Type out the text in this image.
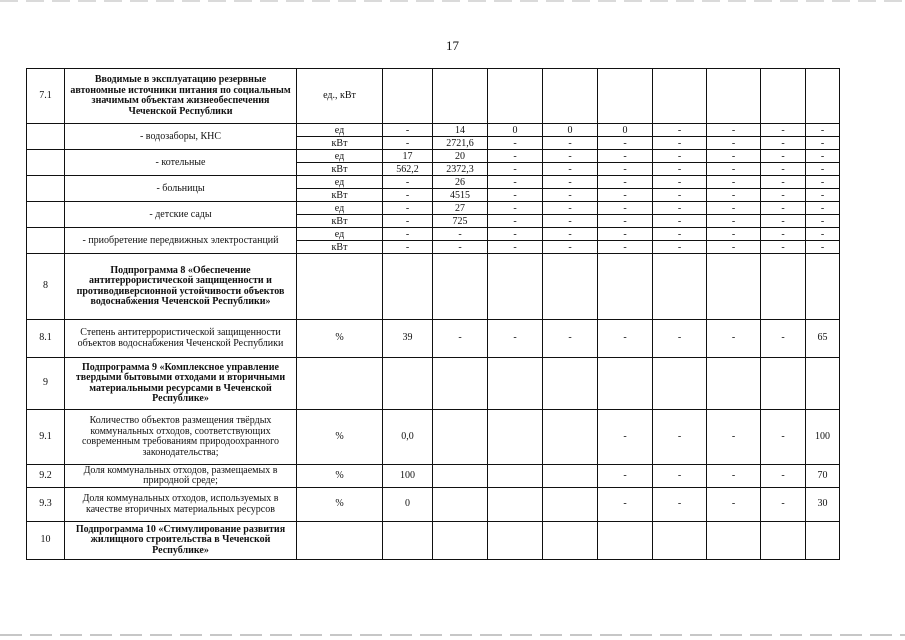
17
7.1	Вводимые в эксплуатацию резервные автономные источники питания по социальным значимым объектам жизнеобеспечения Чеченской Республики	ед., кВт									
	- водозаборы, КНС	ед	-	14	0	0	0	-	-	-	-
		кВт	-	2721,6	-	-	-	-	-	-	-
	- котельные	ед	17	20	-	-	-	-	-	-	-
		кВт	562,2	2372,3	-	-	-	-	-	-	-
	- больницы	ед	-	26	-	-	-	-	-	-	-
		кВт	-	4515	-	-	-	-	-	-	-
	- детские сады	ед	-	27	-	-	-	-	-	-	-
		кВт	-	725	-	-	-	-	-	-	-
	- приобретение передвижных электростанций	ед	-	-	-	-	-	-	-	-	-
		кВт	-	-	-	-	-	-	-	-	-
8	Подпрограмма 8 «Обеспечение антитеррористической защищенности и противодиверсионной устойчивости объектов водоснабжения Чеченской Республики»										
8.1	Степень антитеррористической защищенности объектов водоснабжения Чеченской Республики	%	39	-	-	-	-	-	-	-	65
9	Подпрограмма 9 «Комплексное управление твердыми бытовыми отходами и вторичными материальными ресурсами в Чеченской Республике»										
9.1	Количество объектов размещения твёрдых коммунальных отходов, соответствующих современным требованиям природоохранного законодательства;	%	0,0				-	-	-	-	100
9.2	Доля коммунальных отходов, размещаемых в природной среде;	%	100				-	-	-	-	70
9.3	Доля коммунальных отходов, используемых в качестве вторичных материальных ресурсов	%	0				-	-	-	-	30
10	Подпрограмма 10 «Стимулирование развития жилищного строительства в Чеченской Республике»										
